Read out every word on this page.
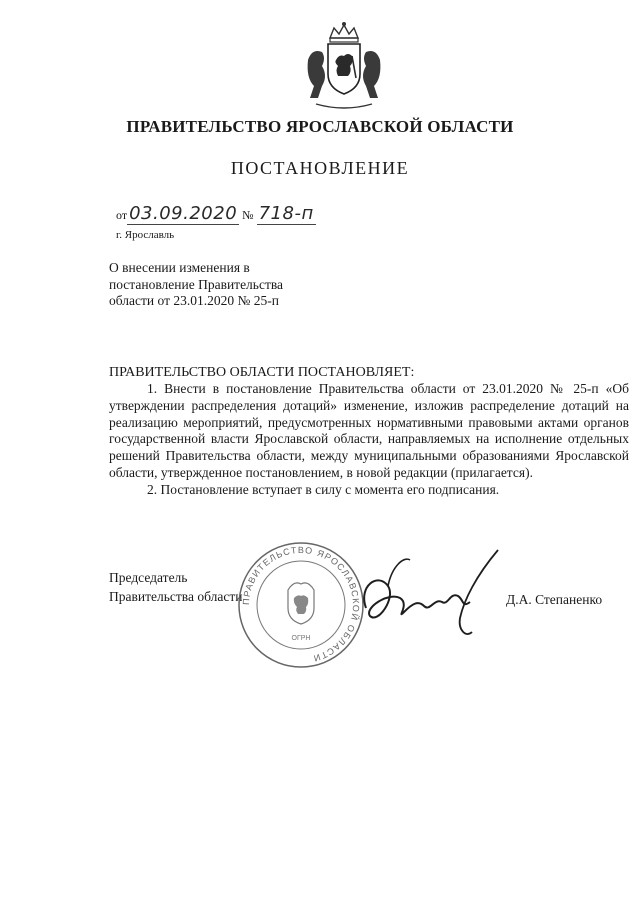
ПРАВИТЕЛЬСТВО ЯРОСЛАВСКОЙ ОБЛАСТИ
ПОСТАНОВЛЕНИЕ
от 03.09.2020 № 718-п
г. Ярославль
О внесении изменения в
постановление Правительства
области от 23.01.2020 № 25-п
ПРАВИТЕЛЬСТВО ОБЛАСТИ ПОСТАНОВЛЯЕТ:

1. Внести в постановление Правительства области от 23.01.2020 № 25-п «Об утверждении распределения дотаций» изменение, изложив распределение дотаций на реализацию мероприятий, предусмотренных нормативными правовыми актами органов государственной власти Ярославской области, направляемых на исполнение отдельных решений Правительства области, между муниципальными образованиями Ярославской области, утвержденное постановлением, в новой редакции (прилагается).

2. Постановление вступает в силу с момента его подписания.

Председатель
Правительства области
ПРАВИТЕЛЬСТВО ЯРОСЛАВСКОЙ ОБЛАСТИ
ОГРН
Д.А. Степаненко
